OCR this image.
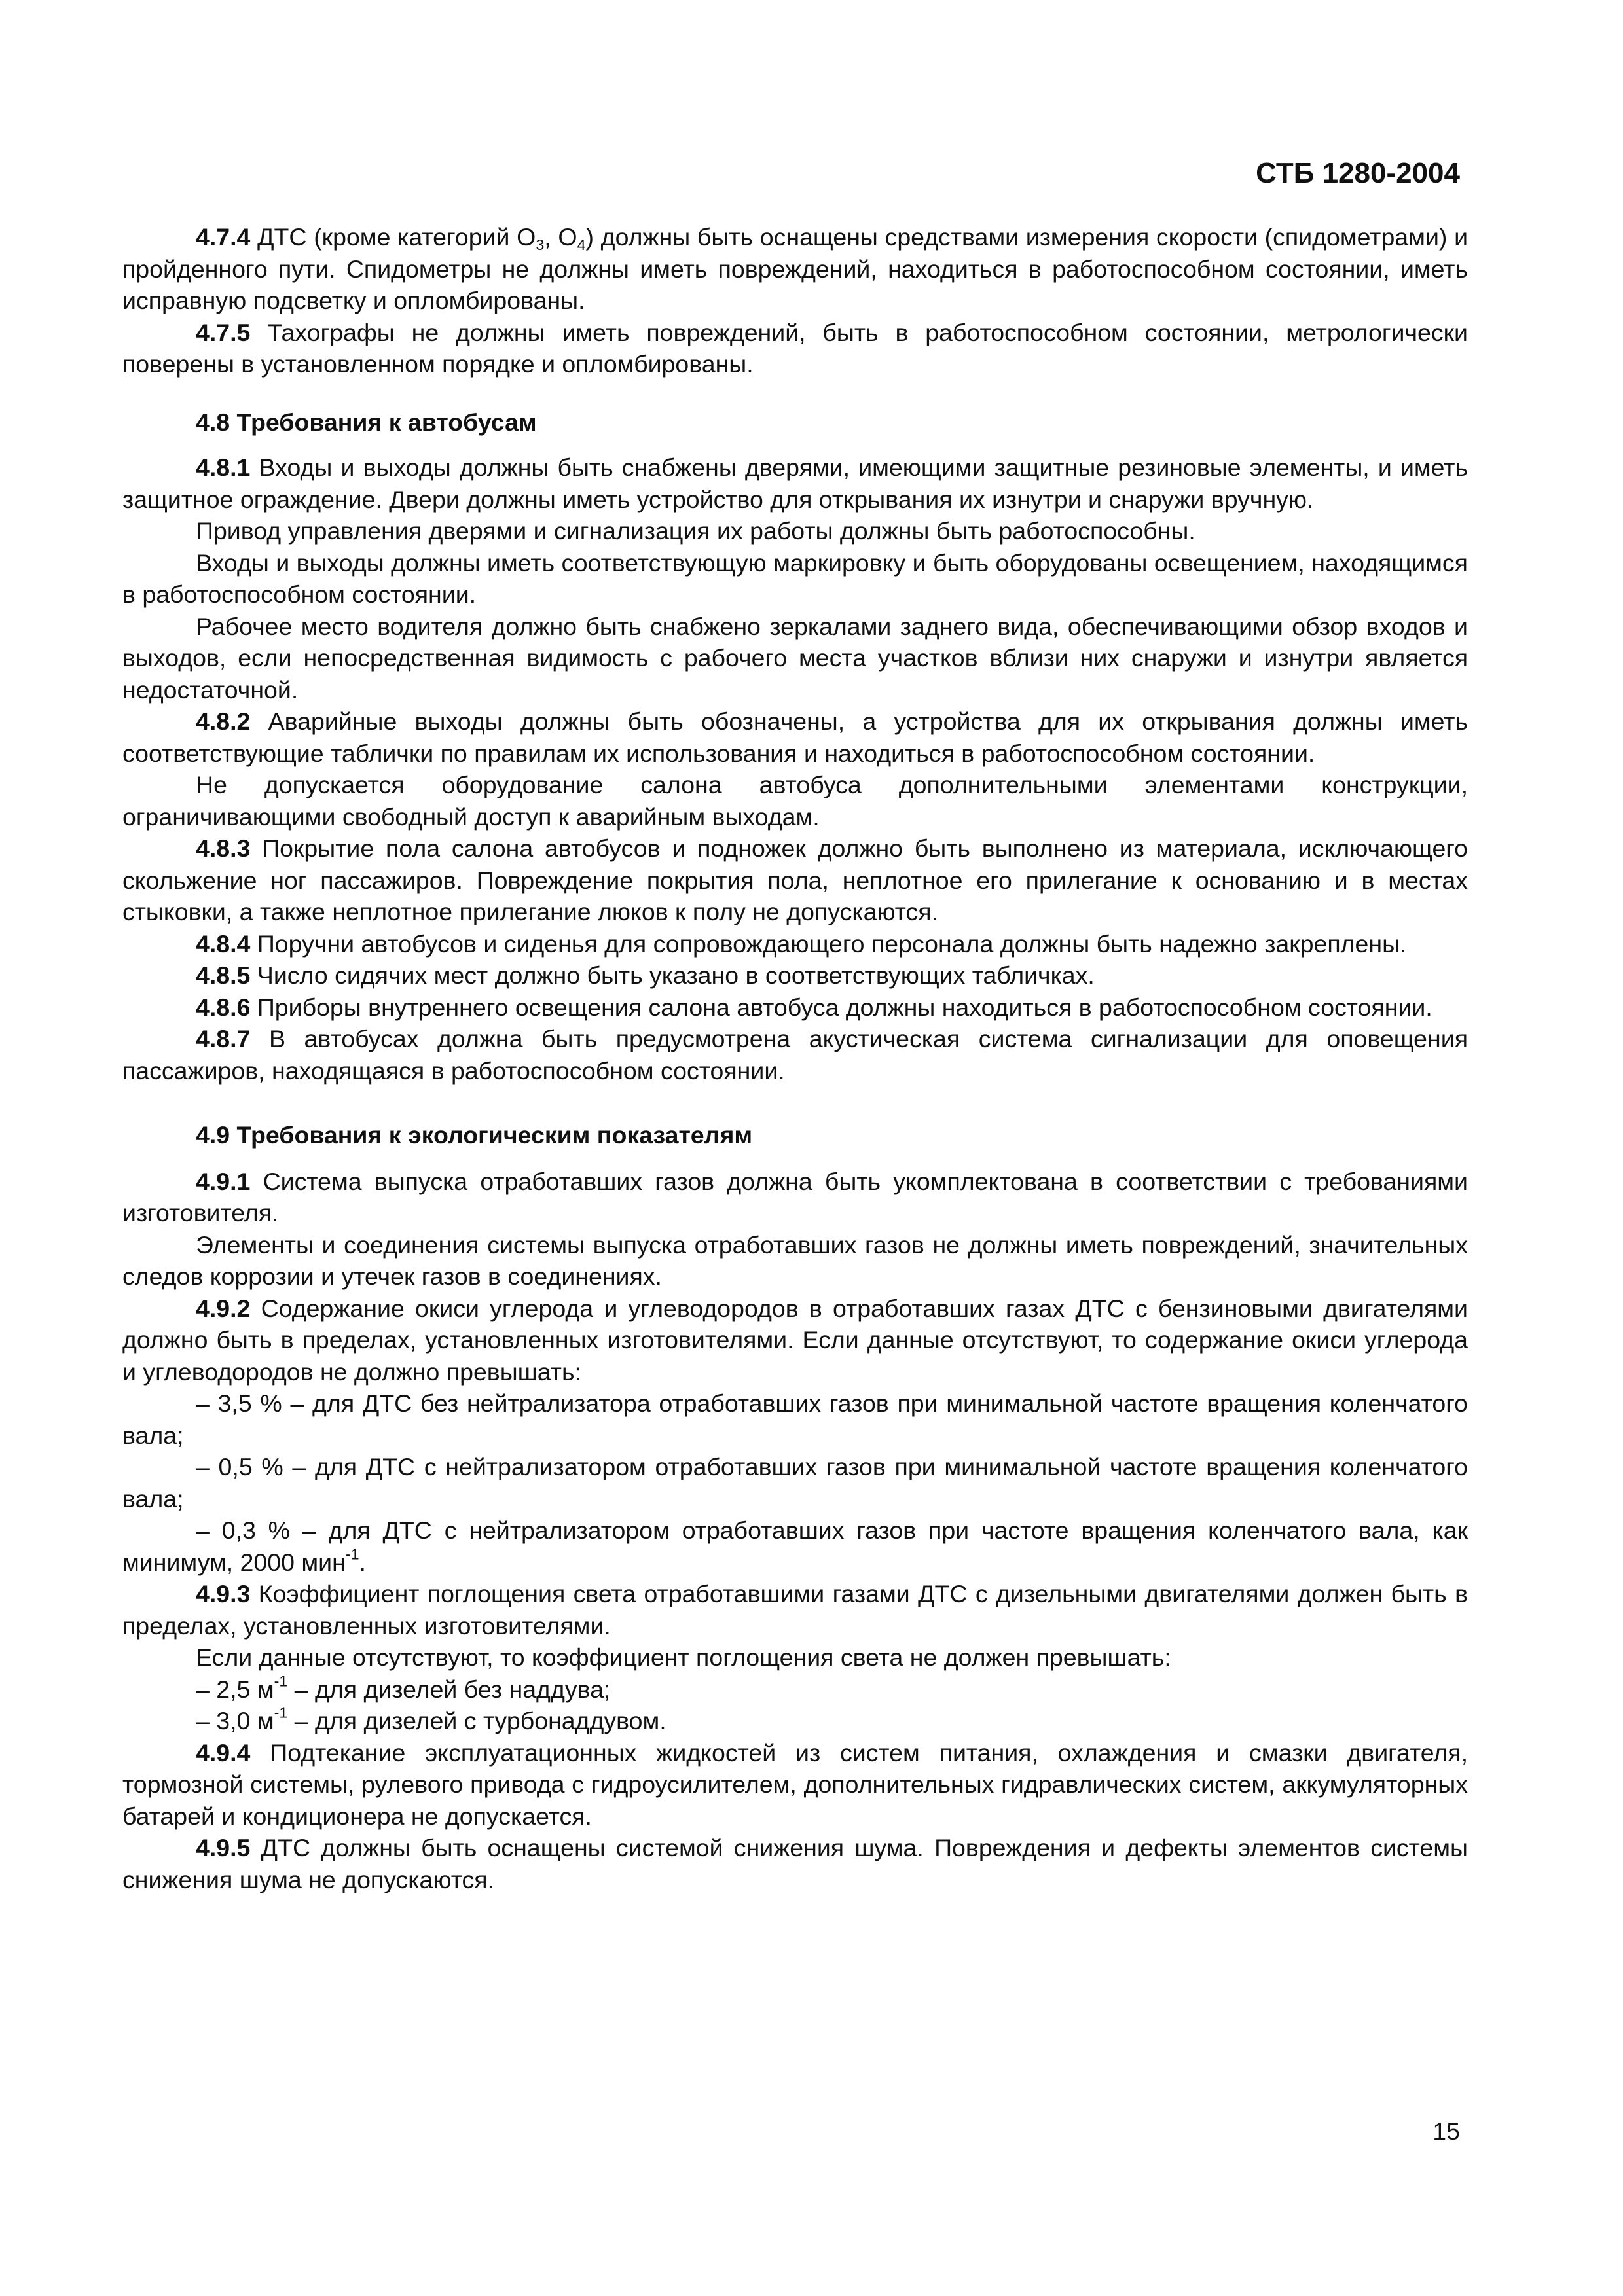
СТБ 1280-2004

4.7.4 ДТС (кроме категорий $O_3$, $O_4$) должны быть оснащены средствами измерения скорости (спидометрами) и пройденного пути. Спидометры не должны иметь повреждений, находиться в работоспособном состоянии, иметь исправную подсветку и опломбированы.

4.7.5 Тахографы не должны иметь повреждений, быть в работоспособном состоянии, метрологически поверены в установленном порядке и опломбированы.

4.8 Требования к автобусам

4.8.1 Входы и выходы должны быть снабжены дверями, имеющими защитные резиновые элементы, и иметь защитное ограждение. Двери должны иметь устройство для открывания их изнутри и снаружи вручную.

Привод управления дверями и сигнализация их работы должны быть работоспособны.

Входы и выходы должны иметь соответствующую маркировку и быть оборудованы освещением, находящимся в работоспособном состоянии.

Рабочее место водителя должно быть снабжено зеркалами заднего вида, обеспечивающими обзор входов и выходов, если непосредственная видимость с рабочего места участков вблизи них снаружи и изнутри является недостаточной.

4.8.2 Аварийные выходы должны быть обозначены, а устройства для их открывания должны иметь соответствующие таблички по правилам их использования и находиться в работоспособном состоянии.

Не допускается оборудование салона автобуса дополнительными элементами конструкции, ограничивающими свободный доступ к аварийным выходам.

4.8.3 Покрытие пола салона автобусов и подножек должно быть выполнено из материала, исключающего скольжение ног пассажиров. Повреждение покрытия пола, неплотное его прилегание к основанию и в местах стыковки, а также неплотное прилегание люков к полу не допускаются.

4.8.4 Поручни автобусов и сиденья для сопровождающего персонала должны быть надежно закреплены.

4.8.5 Число сидячих мест должно быть указано в соответствующих табличках.

4.8.6 Приборы внутреннего освещения салона автобуса должны находиться в работоспособном состоянии.

4.8.7 В автобусах должна быть предусмотрена акустическая система сигнализации для оповещения пассажиров, находящаяся в работоспособном состоянии.

4.9 Требования к экологическим показателям

4.9.1 Система выпуска отработавших газов должна быть укомплектована в соответствии с требованиями изготовителя.

Элементы и соединения системы выпуска отработавших газов не должны иметь повреждений, значительных следов коррозии и утечек газов в соединениях.

4.9.2 Содержание окиси углерода и углеводородов в отработавших газах ДТС с бензиновыми двигателями должно быть в пределах, установленных изготовителями. Если данные отсутствуют, то содержание окиси углерода и углеводородов не должно превышать:

– 3,5 % – для ДТС без нейтрализатора отработавших газов при минимальной частоте вращения коленчатого вала;

– 0,5 % – для ДТС с нейтрализатором отработавших газов при минимальной частоте вращения коленчатого вала;

– 0,3 % – для ДТС с нейтрализатором отработавших газов при частоте вращения коленчатого вала, как минимум, 2000 мин$^{-1}$.

4.9.3 Коэффициент поглощения света отработавшими газами ДТС с дизельными двигателями должен быть в пределах, установленных изготовителями.

Если данные отсутствуют, то коэффициент поглощения света не должен превышать:

– 2,5 $м^{-1}$ – для дизелей без наддува;

– 3,0 $м^{-1}$ – для дизелей с турбонаддувом.

4.9.4 Подтекание эксплуатационных жидкостей из систем питания, охлаждения и смазки двигателя, тормозной системы, рулевого привода с гидроусилителем, дополнительных гидравлических систем, аккумуляторных батарей и кондиционера не допускается.

4.9.5 ДТС должны быть оснащены системой снижения шума. Повреждения и дефекты элементов системы снижения шума не допускаются.

15
